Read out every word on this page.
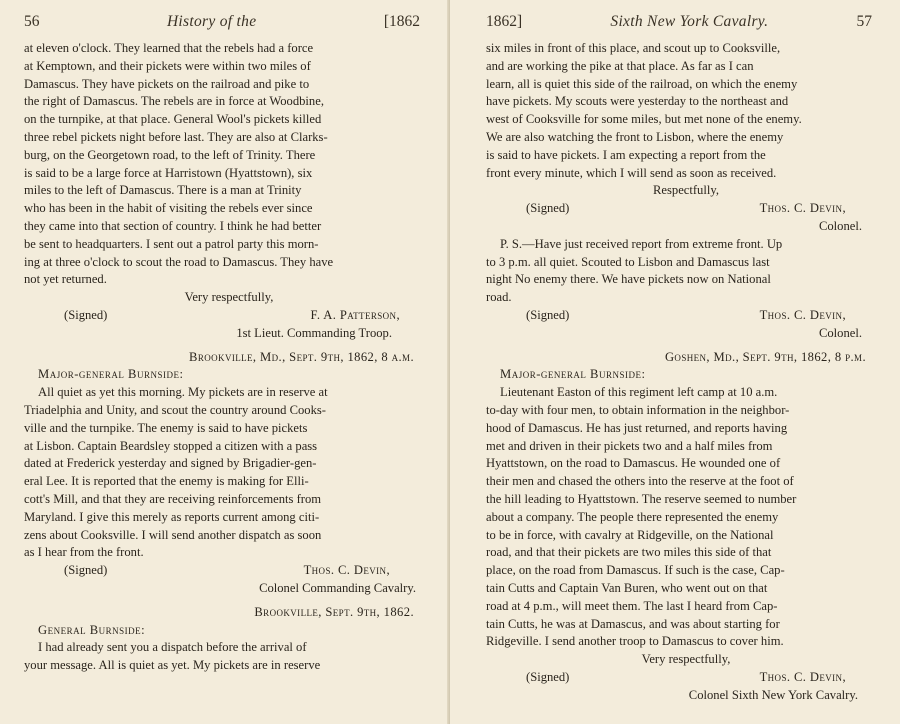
56	History of the	[1862
at eleven o'clock. They learned that the rebels had a force
at Kemptown, and their pickets were within two miles of
Damascus. They have pickets on the railroad and pike to
the right of Damascus. The rebels are in force at Woodbine,
on the turnpike, at that place. General Wool's pickets killed
three rebel pickets night before last. They are also at Clarks-
burg, on the Georgetown road, to the left of Trinity. There
is said to be a large force at Harristown (Hyattstown), six
miles to the left of Damascus. There is a man at Trinity
who has been in the habit of visiting the rebels ever since
they came into that section of country. I think he had better
be sent to headquarters. I sent out a patrol party this morn-
ing at three o'clock to scout the road to Damascus. They have
not yet returned.

Very respectfully,

(Signed)	F. A. Patterson,

1st Lieut. Commanding Troop.

Brookville, Md., Sept. 9th, 1862, 8 a.m.

Major-general Burnside:

All quiet as yet this morning. My pickets are in reserve at
Triadelphia and Unity, and scout the country around Cooks-
ville and the turnpike. The enemy is said to have pickets
at Lisbon. Captain Beardsley stopped a citizen with a pass
dated at Frederick yesterday and signed by Brigadier-gen-
eral Lee. It is reported that the enemy is making for Elli-
cott's Mill, and that they are receiving reinforcements from
Maryland. I give this merely as reports current among citi-
zens about Cooksville. I will send another dispatch as soon
as I hear from the front.
(Signed)	Thos. C. Devin,

Colonel Commanding Cavalry.

Brookville, Sept. 9th, 1862.

General Burnside:

I had already sent you a dispatch before the arrival of
your message. All is quiet as yet. My pickets are in reserve
1862]	Sixth New York Cavalry.	57
six miles in front of this place, and scout up to Cooksville,
and are working the pike at that place. As far as I can
learn, all is quiet this side of the railroad, on which the enemy
have pickets. My scouts were yesterday to the northeast and
west of Cooksville for some miles, but met none of the enemy.
We are also watching the front to Lisbon, where the enemy
is said to have pickets. I am expecting a report from the
front every minute, which I will send as soon as received.

Respectfully,

(Signed)	Thos. C. Devin,

Colonel.

P. S.—Have just received report from extreme front. Up
to 3 p.m. all quiet. Scouted to Lisbon and Damascus last
night No enemy there. We have pickets now on National
road.
(Signed)	Thos. C. Devin,

Colonel.

Goshen, Md., Sept. 9th, 1862, 8 p.m.

Major-general Burnside:

Lieutenant Easton of this regiment left camp at 10 a.m.
to-day with four men, to obtain information in the neighbor-
hood of Damascus. He has just returned, and reports having
met and driven in their pickets two and a half miles from
Hyattstown, on the road to Damascus. He wounded one of
their men and chased the others into the reserve at the foot of
the hill leading to Hyattstown. The reserve seemed to number
about a company. The people there represented the enemy
to be in force, with cavalry at Ridgeville, on the National
road, and that their pickets are two miles this side of that
place, on the road from Damascus. If such is the case, Cap-
tain Cutts and Captain Van Buren, who went out on that
road at 4 p.m., will meet them. The last I heard from Cap-
tain Cutts, he was at Damascus, and was about starting for
Ridgeville. I send another troop to Damascus to cover him.

Very respectfully,

(Signed)	Thos. C. Devin,

Colonel Sixth New York Cavalry.
